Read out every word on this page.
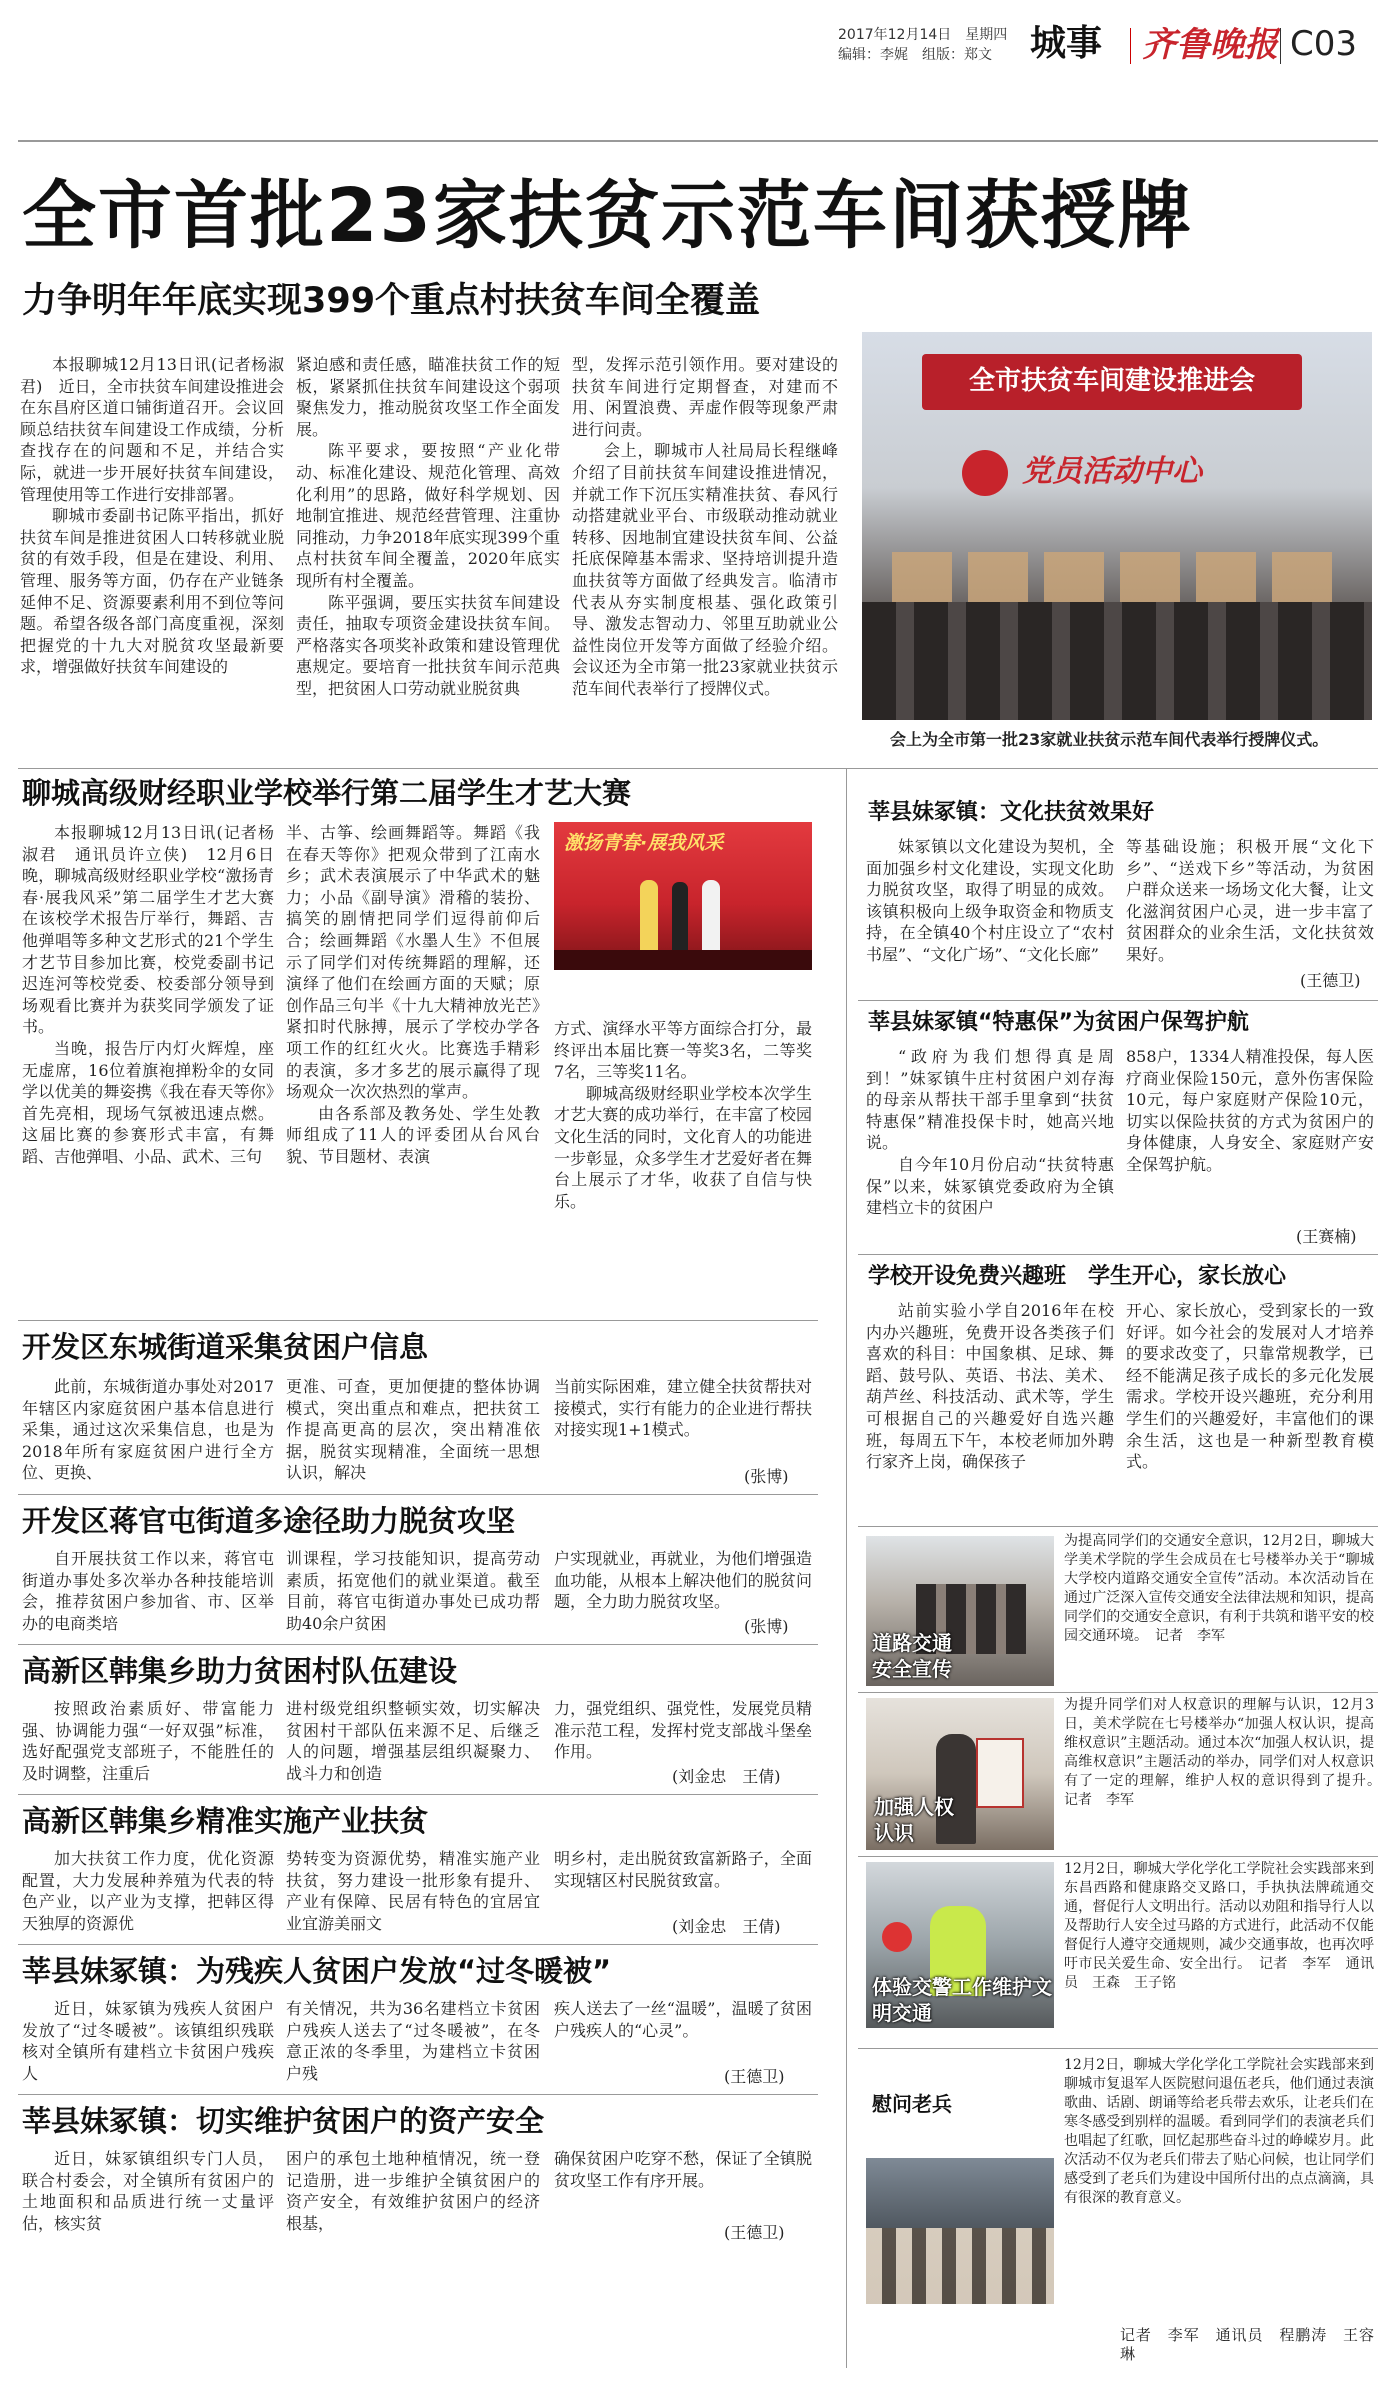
2017年12月14日　星期四
编辑：李娓　组版：郑文 城事 齐鲁晚报 C03
全市首批23家扶贫示范车间获授牌
力争明年年底实现399个重点村扶贫车间全覆盖

本报聊城12月13日讯(记者杨淑君)　近日，全市扶贫车间建设推进会在东昌府区道口铺街道召开。会议回顾总结扶贫车间建设工作成绩，分析查找存在的问题和不足，并结合实际，就进一步开展好扶贫车间建设，管理使用等工作进行安排部署。

聊城市委副书记陈平指出，抓好扶贫车间是推进贫困人口转移就业脱贫的有效手段，但是在建设、利用、管理、服务等方面，仍存在产业链条延伸不足、资源要素利用不到位等问题。希望各级各部门高度重视，深刻把握党的十九大对脱贫攻坚最新要求，增强做好扶贫车间建设的

紧迫感和责任感，瞄准扶贫工作的短板，紧紧抓住扶贫车间建设这个弱项聚焦发力，推动脱贫攻坚工作全面发展。

陈平要求，要按照“产业化带动、标准化建设、规范化管理、高效化利用”的思路，做好科学规划、因地制宜推进、规范经营管理、注重协同推动，力争2018年底实现399个重点村扶贫车间全覆盖，2020年底实现所有村全覆盖。

陈平强调，要压实扶贫车间建设责任，抽取专项资金建设扶贫车间。严格落实各项奖补政策和建设管理优惠规定。要培育一批扶贫车间示范典型，把贫困人口劳动就业脱贫典

型，发挥示范引领作用。要对建设的扶贫车间进行定期督查，对建而不用、闲置浪费、弄虚作假等现象严肃进行问责。

会上，聊城市人社局局长程继峰介绍了目前扶贫车间建设推进情况，并就工作下沉压实精准扶贫、春风行动搭建就业平台、市级联动推动就业转移、因地制宜建设扶贫车间、公益托底保障基本需求、坚持培训提升造血扶贫等方面做了经典发言。临清市代表从夯实制度根基、强化政策引导、激发志智动力、邻里互助就业公益性岗位开发等方面做了经验介绍。会议还为全市第一批23家就业扶贫示范车间代表举行了授牌仪式。

全市扶贫车间建设推进会
党员活动中心
会上为全市第一批23家就业扶贫示范车间代表举行授牌仪式。
聊城高级财经职业学校举行第二届学生才艺大赛

本报聊城12月13日讯(记者杨淑君　通讯员许立侠)　12月6日晚，聊城高级财经职业学校“激扬青春·展我风采”第二届学生才艺大赛在该校学术报告厅举行，舞蹈、吉他弹唱等多种文艺形式的21个学生才艺节目参加比赛，校党委副书记迟连河等校党委、校委部分领导到场观看比赛并为获奖同学颁发了证书。

当晚，报告厅内灯火辉煌，座无虚席，16位着旗袍掸粉伞的女同学以优美的舞姿携《我在春天等你》首先亮相，现场气氛被迅速点燃。这届比赛的参赛形式丰富，有舞蹈、吉他弹唱、小品、武术、三句

半、古筝、绘画舞蹈等。舞蹈《我在春天等你》把观众带到了江南水乡；武术表演展示了中华武术的魅力；小品《副导演》滑稽的装扮、搞笑的剧情把同学们逗得前仰后合；绘画舞蹈《水墨人生》不但展示了同学们对传统舞蹈的理解，还演绎了他们在绘画方面的天赋；原创作品三句半《十九大精神放光芒》紧扣时代脉搏，展示了学校办学各项工作的红红火火。比赛选手精彩的表演，多才多艺的展示赢得了现场观众一次次热烈的掌声。

由各系部及教务处、学生处教师组成了11人的评委团从台风台貌、节目题材、表演

激扬青春·展我风采

方式、演绎水平等方面综合打分，最终评出本届比赛一等奖3名，二等奖7名，三等奖11名。

聊城高级财经职业学校本次学生才艺大赛的成功举行，在丰富了校园文化生活的同时，文化育人的功能进一步彰显，众多学生才艺爱好者在舞台上展示了才华，收获了自信与快乐。

开发区东城街道采集贫困户信息

此前，东城街道办事处对2017年辖区内家庭贫困户基本信息进行采集，通过这次采集信息，也是为2018年所有家庭贫困户进行全方位、更换、

更准、可查，更加便捷的整体协调模式，突出重点和难点，把扶贫工作提高更高的层次，突出精准依据，脱贫实现精准，全面统一思想认识，解决

当前实际困难，建立健全扶贫帮扶对接模式，实行有能力的企业进行帮扶对接实现1+1模式。

(张博)
开发区蒋官屯街道多途径助力脱贫攻坚

自开展扶贫工作以来，蒋官屯街道办事处多次举办各种技能培训会，推荐贫困户参加省、市、区举办的电商类培

训课程，学习技能知识，提高劳动素质，拓宽他们的就业渠道。截至目前，蒋官屯街道办事处已成功帮助40余户贫困

户实现就业，再就业，为他们增强造血功能，从根本上解决他们的脱贫问题，全力助力脱贫攻坚。

(张博)
高新区韩集乡助力贫困村队伍建设

按照政治素质好、带富能力强、协调能力强“一好双强”标准，选好配强党支部班子，不能胜任的及时调整，注重后

进村级党组织整顿实效，切实解决贫困村干部队伍来源不足、后继乏人的问题，增强基层组织凝聚力、战斗力和创造

力，强党组织、强党性，发展党员精准示范工程，发挥村党支部战斗堡垒作用。

(刘金忠　王倩)
高新区韩集乡精准实施产业扶贫

加大扶贫工作力度，优化资源配置，大力发展种养殖为代表的特色产业，以产业为支撑，把韩区得天独厚的资源优

势转变为资源优势，精准实施产业扶贫，努力建设一批形象有提升、产业有保障、民居有特色的宜居宜业宜游美丽文

明乡村，走出脱贫致富新路子，全面实现辖区村民脱贫致富。

(刘金忠　王倩)
莘县妹冢镇：为残疾人贫困户发放“过冬暖被”

近日，妹冢镇为残疾人贫困户发放了“过冬暖被”。该镇组织残联核对全镇所有建档立卡贫困户残疾人

有关情况，共为36名建档立卡贫困户残疾人送去了“过冬暖被”，在冬意正浓的冬季里，为建档立卡贫困户残

疾人送去了一丝“温暖”，温暖了贫困户残疾人的“心灵”。

(王德卫)
莘县妹冢镇：切实维护贫困户的资产安全

近日，妹冢镇组织专门人员，联合村委会，对全镇所有贫困户的土地面积和品质进行统一丈量评估，核实贫

困户的承包土地种植情况，统一登记造册，进一步维护全镇贫困户的资产安全，有效维护贫困户的经济根基，

确保贫困户吃穿不愁，保证了全镇脱贫攻坚工作有序开展。

(王德卫)
莘县妹冢镇：文化扶贫效果好

妹冢镇以文化建设为契机，全面加强乡村文化建设，实现文化助力脱贫攻坚，取得了明显的成效。该镇积极向上级争取资金和物质支持，在全镇40个村庄设立了“农村书屋”、“文化广场”、“文化长廊”

等基础设施；积极开展“文化下乡”、“送戏下乡”等活动，为贫困户群众送来一场场文化大餐，让文化滋润贫困户心灵，进一步丰富了贫困群众的业余生活，文化扶贫效果好。

(王德卫)
莘县妹冢镇“特惠保”为贫困户保驾护航

“政府为我们想得真是周到！”妹冢镇牛庄村贫困户刘存海的母亲从帮扶干部手里拿到“扶贫特惠保”精准投保卡时，她高兴地说。

自今年10月份启动“扶贫特惠保”以来，妹冢镇党委政府为全镇建档立卡的贫困户

858户，1334人精准投保，每人医疗商业保险150元，意外伤害保险10元，每户家庭财产保险10元，切实以保险扶贫的方式为贫困户的身体健康，人身安全、家庭财产安全保驾护航。

(王赛楠)
学校开设免费兴趣班　学生开心，家长放心

站前实验小学自2016年在校内办兴趣班，免费开设各类孩子们喜欢的科目：中国象棋、足球、舞蹈、鼓号队、英语、书法、美术、葫芦丝、科技活动、武术等，学生可根据自己的兴趣爱好自选兴趣班，每周五下午，本校老师加外聘行家齐上岗，确保孩子

开心、家长放心，受到家长的一致好评。如今社会的发展对人才培养的要求改变了，只靠常规教学，已经不能满足孩子成长的多元化发展需求。学校开设兴趣班，充分利用学生们的兴趣爱好，丰富他们的课余生活，这也是一种新型教育模式。

道路交通安全宣传
为提高同学们的交通安全意识，12月2日，聊城大学美术学院的学生会成员在七号楼举办关于“聊城大学校内道路交通安全宣传”活动。本次活动旨在通过广泛深入宣传交通安全法律法规和知识，提高同学们的交通安全意识，有利于共筑和谐平安的校园交通环境。　 记者　李军
加强人权认识
为提升同学们对人权意识的理解与认识，12月3日，美术学院在七号楼举办“加强人权认识，提高维权意识”主题活动。通过本次“加强人权认识，提高维权意识”主题活动的举办，同学们对人权意识有了一定的理解，维护人权的意识得到了提升。　记者　李军
体验交警工作维护文明交通
12月2日，聊城大学化学化工学院社会实践部来到东昌西路和健康路交叉路口，手执执法牌疏通交通，督促行人文明出行。活动以劝阻和指导行人以及帮助行人安全过马路的方式进行，此活动不仅能督促行人遵守交通规则，减少交通事故，也再次呼吁市民关爱生命、安全出行。　 记者　李军　通讯员　王森　王子铭
慰问老兵
12月2日，聊城大学化学化工学院社会实践部来到聊城市复退军人医院慰问退伍老兵，他们通过表演歌曲、话剧、朗诵等给老兵带去欢乐，让老兵们在寒冬感受到别样的温暖。看到同学们的表演老兵们也唱起了红歌，回忆起那些奋斗过的峥嵘岁月。此次活动不仅为老兵们带去了贴心问候，也让同学们感受到了老兵们为建设中国所付出的点点滴滴，具有很深的教育意义。
记者　李军　通讯员　程鹏涛　王容琳
